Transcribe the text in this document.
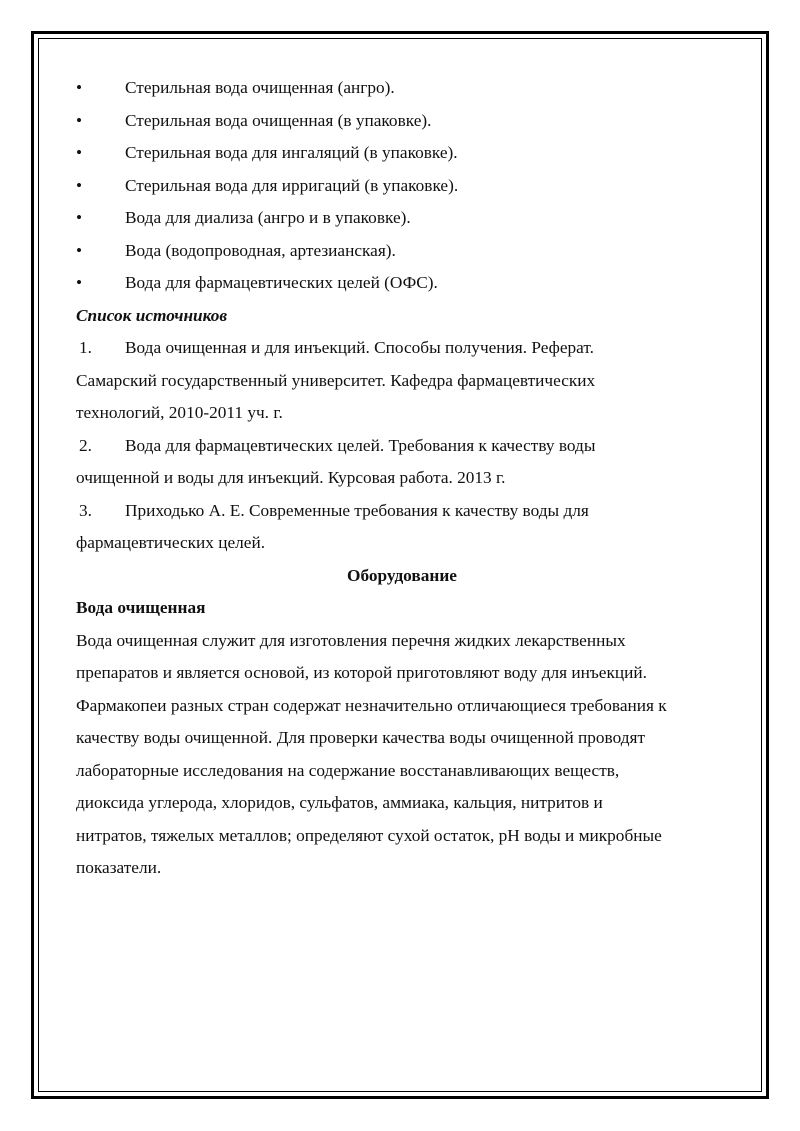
•	Стерильная вода очищенная (ангро).
•	Стерильная вода очищенная (в упаковке).
•	Стерильная вода для ингаляций (в упаковке).
•	Стерильная вода для ирригаций (в упаковке).
•	Вода для диализа (ангро и в упаковке).
•	Вода (водопроводная, артезианская).
•	Вода для фармацевтических целей (ОФС).
Список источников
1. Вода очищенная и для инъекций. Способы получения. Реферат.
Самарский государственный университет. Кафедра фармацевтических
технологий, 2010-2011 уч. г.
2. Вода для фармацевтических целей. Требования к качеству воды
очищенной и воды для инъекций. Курсовая работа. 2013 г.
3. Приходько А. Е. Современные требования к качеству воды для
фармацевтических целей.
Оборудование
Вода очищенная
Вода очищенная служит для изготовления перечня жидких лекарственных
препаратов и является основой, из которой приготовляют воду для инъекций.
Фармакопеи разных стран содержат незначительно отличающиеся требования к
качеству воды очищенной. Для проверки качества воды очищенной проводят
лабораторные исследования на содержание восстанавливающих веществ,
диоксида углерода, хлоридов, сульфатов, аммиака, кальция, нитритов и
нитратов, тяжелых металлов; определяют сухой остаток, pH воды и микробные
показатели.
